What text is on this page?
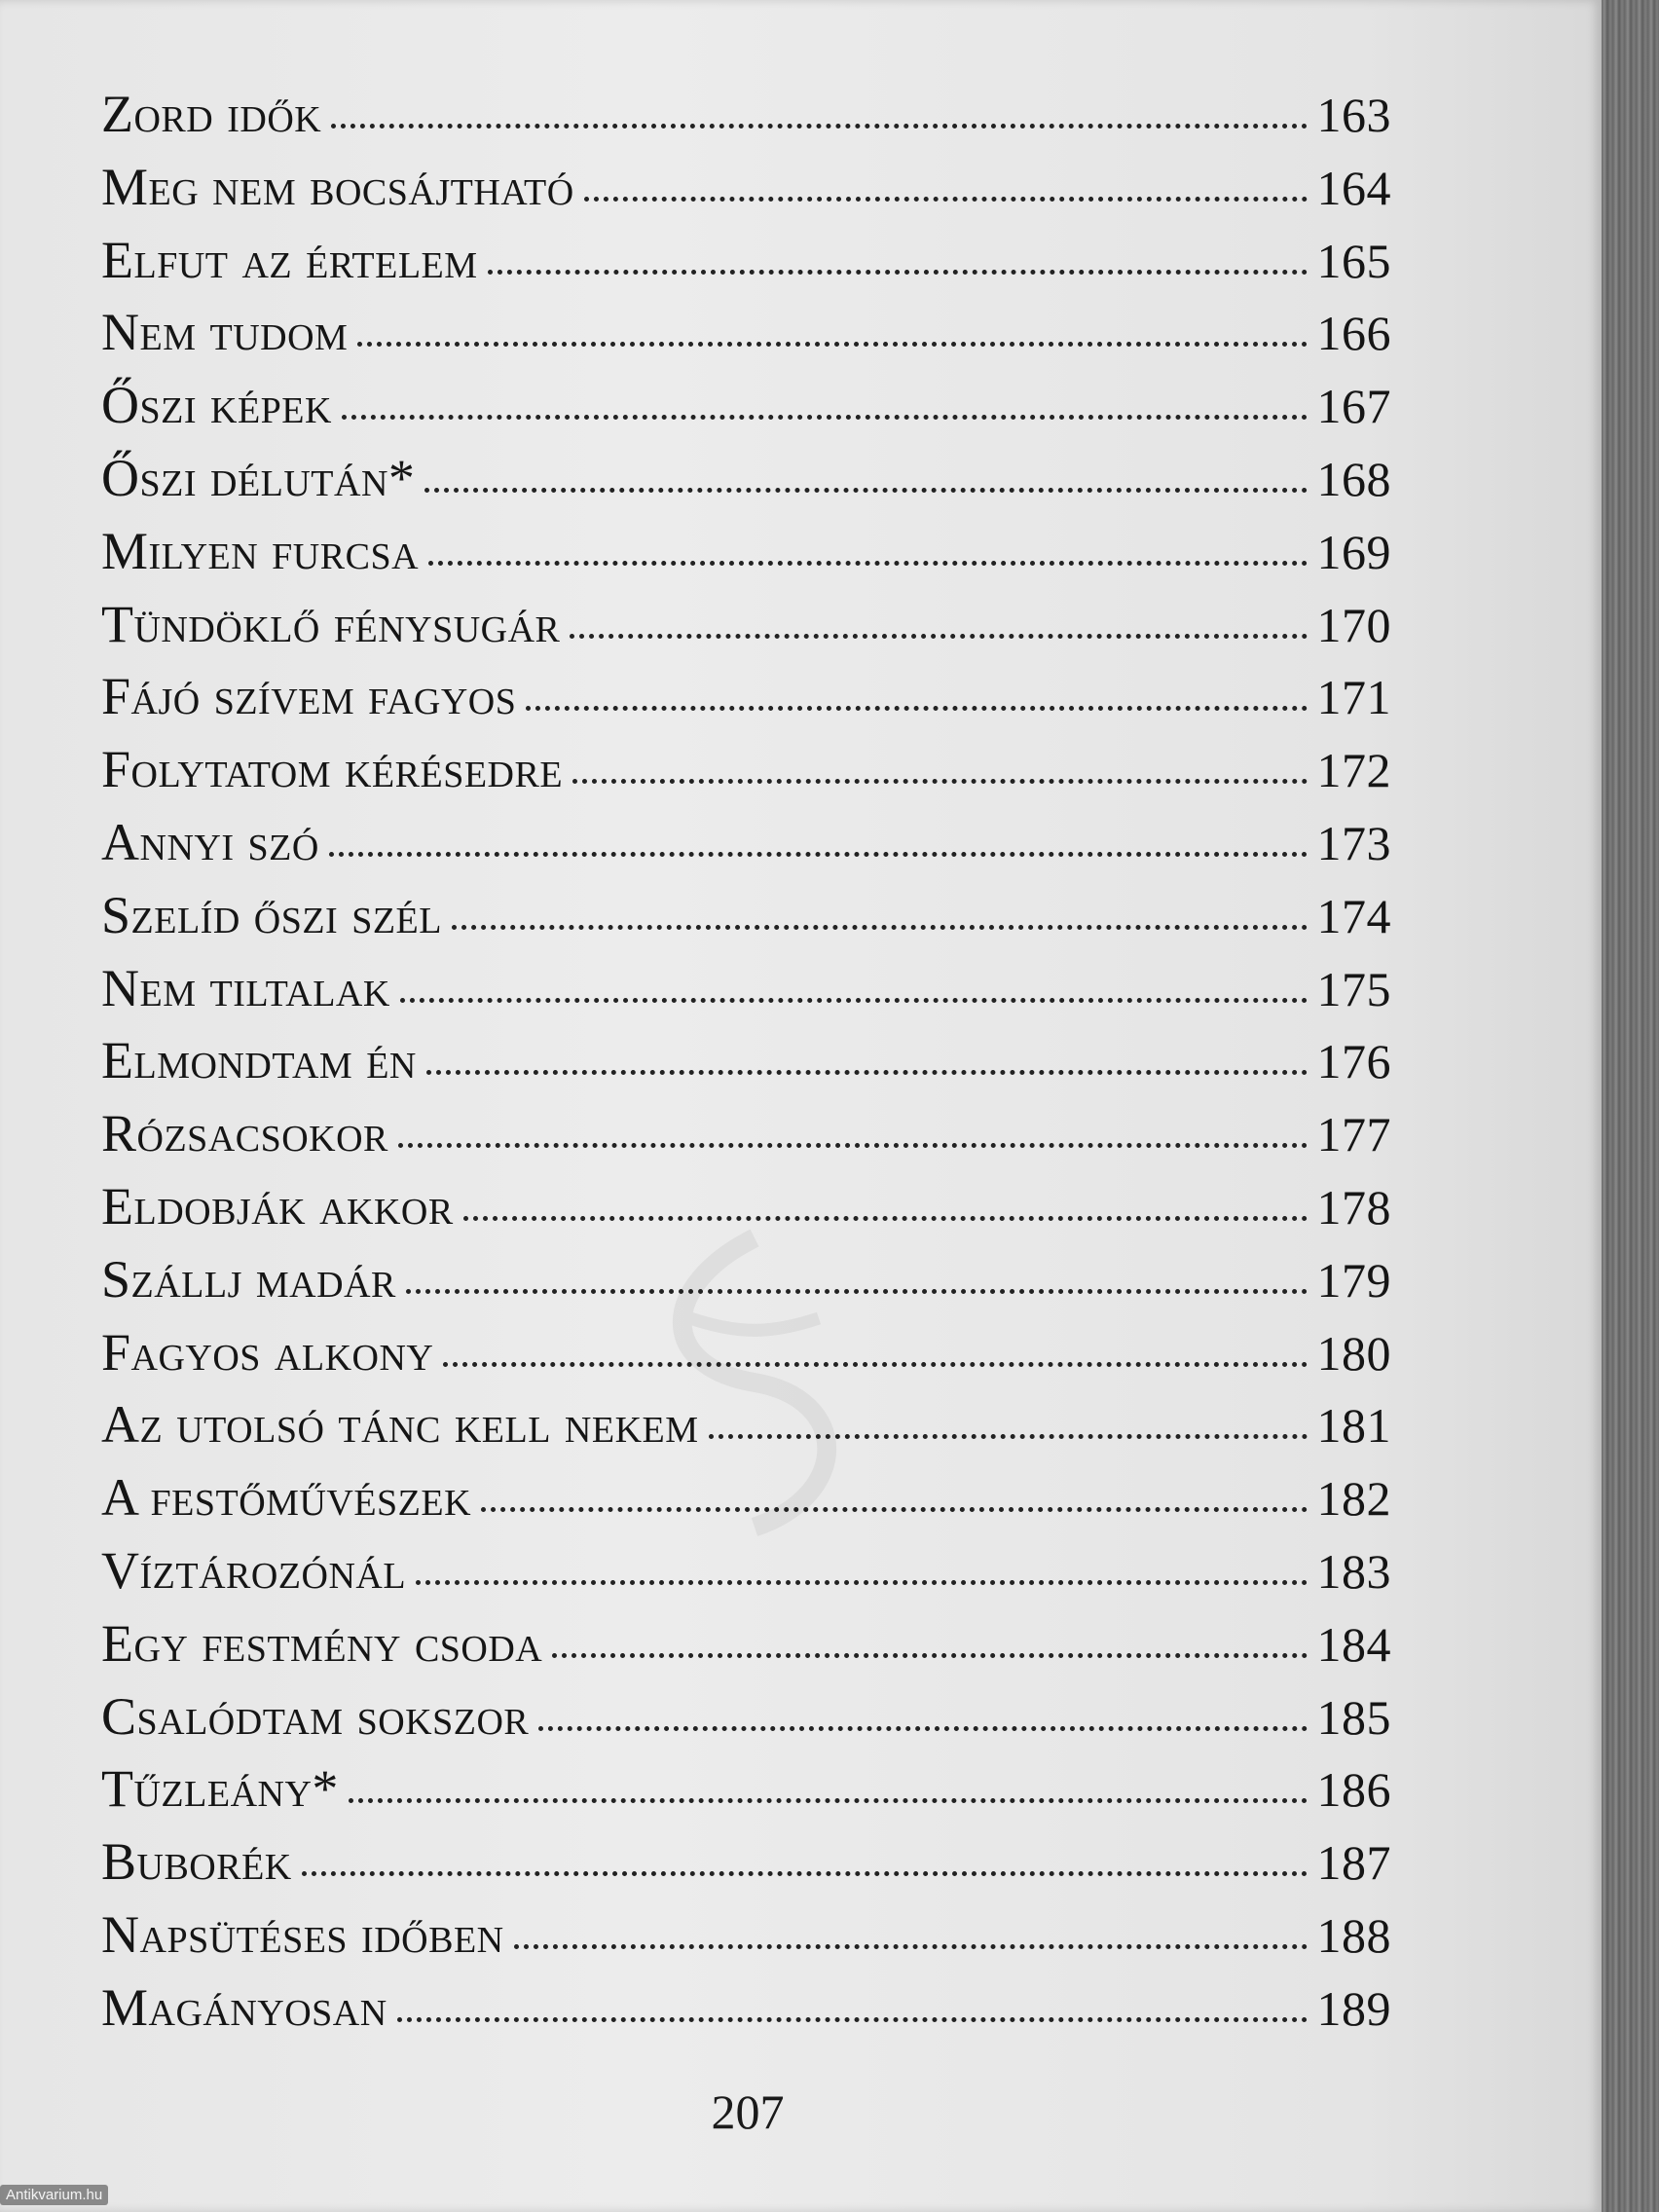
Zord idők	163
Meg nem bocsájtható	164
Elfut az értelem	165
Nem tudom	166
Őszi képek	167
Őszi délután*	168
Milyen furcsa	169
Tündöklő fénysugár	170
Fájó szívem fagyos	171
Folytatom kérésedre	172
Annyi szó	173
Szelíd őszi szél	174
Nem tiltalak	175
Elmondtam én	176
Rózsacsokor	177
Eldobják akkor	178
Szállj madár	179
Fagyos alkony	180
Az utolsó tánc kell nekem	181
A festőművészek	182
Víztározónál	183
Egy festmény csoda	184
Csalódtam sokszor	185
Tűzleány*	186
Buborék	187
Napsütéses időben	188
Magányosan	189
207
Antikvarium.hu
